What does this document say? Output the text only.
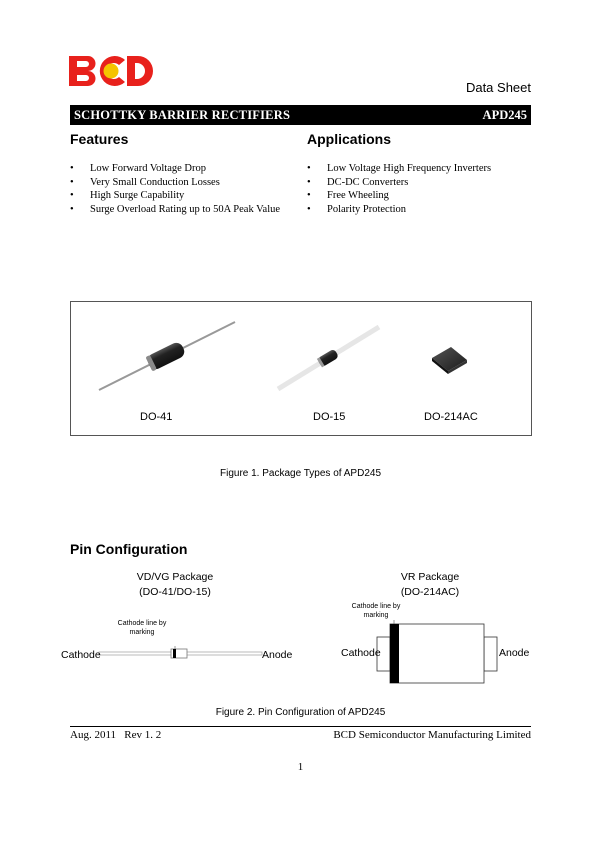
Data Sheet
SCHOTTKY BARRIER RECTIFIERS	APD245
Features	Applications
• Low Forward Voltage Drop
• Very Small Conduction Losses
• High Surge Capability
• Surge Overload Rating up to 50A Peak Value
• Low Voltage High Frequency Inverters
• DC-DC Converters
• Free Wheeling
• Polarity Protection
DO-41	DO-15	DO-214AC
Figure 1. Package Types of APD245
Pin Configuration
VD/VG Package
(DO-41/DO-15)
VR Package
(DO-214AC)
Cathode line by
marking
Cathode line by
marking
Cathode	Anode	Cathode	Anode
Figure 2. Pin Configuration of APD245
Aug. 2011   Rev 1. 2	BCD Semiconductor Manufacturing Limited
1
